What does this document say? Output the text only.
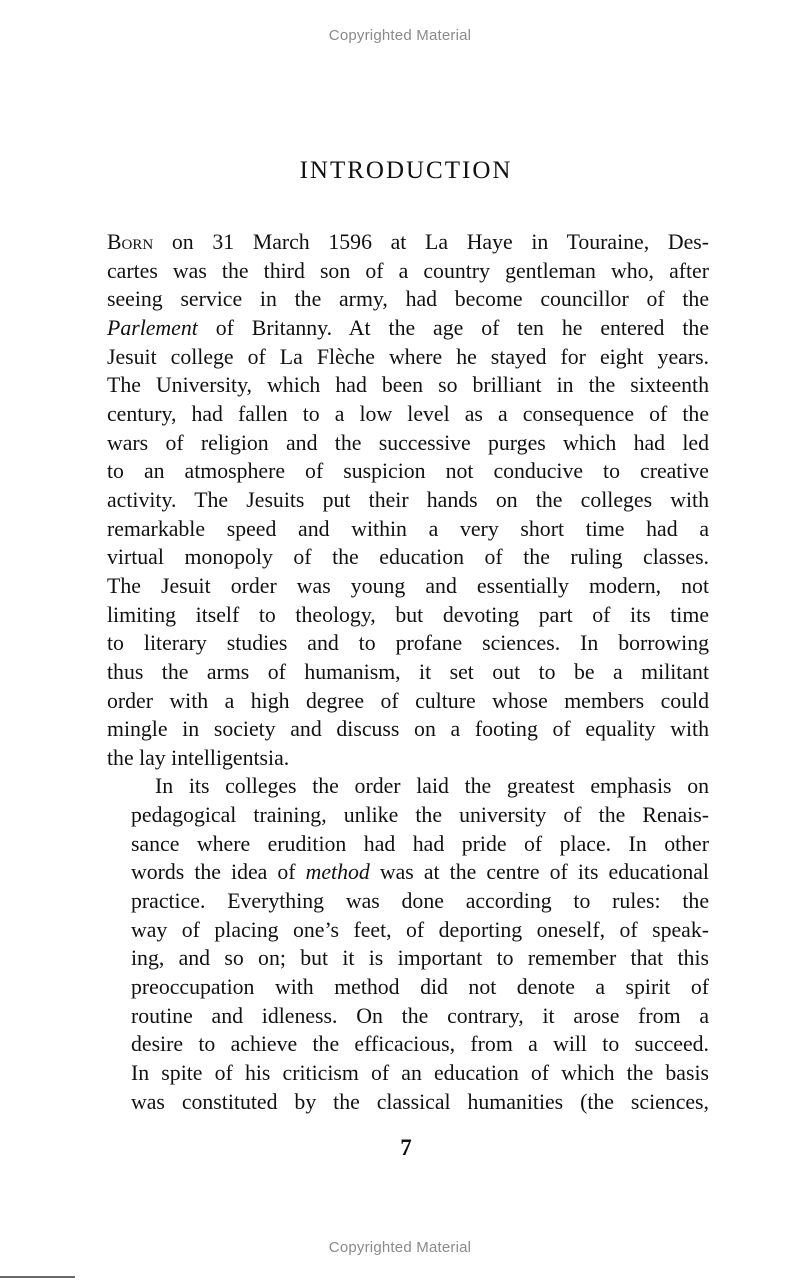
Copyrighted Material
INTRODUCTION
Born on 31 March 1596 at La Haye in Touraine, Des-
cartes was the third son of a country gentleman who, after
seeing service in the army, had become councillor of the
Parlement of Britanny. At the age of ten he entered the
Jesuit college of La Flèche where he stayed for eight years.
The University, which had been so brilliant in the sixteenth
century, had fallen to a low level as a consequence of the
wars of religion and the successive purges which had led
to an atmosphere of suspicion not conducive to creative
activity. The Jesuits put their hands on the colleges with
remarkable speed and within a very short time had a
virtual monopoly of the education of the ruling classes.
The Jesuit order was young and essentially modern, not
limiting itself to theology, but devoting part of its time
to literary studies and to profane sciences. In borrowing
thus the arms of humanism, it set out to be a militant
order with a high degree of culture whose members could
mingle in society and discuss on a footing of equality with
the lay intelligentsia.
In its colleges the order laid the greatest emphasis on
pedagogical training, unlike the university of the Renais-
sance where erudition had had pride of place. In other
words the idea of method was at the centre of its educational
practice. Everything was done according to rules: the
way of placing one’s feet, of deporting oneself, of speak-
ing, and so on; but it is important to remember that this
preoccupation with method did not denote a spirit of
routine and idleness. On the contrary, it arose from a
desire to achieve the efficacious, from a will to succeed.
In spite of his criticism of an education of which the basis
was constituted by the classical humanities (the sciences,
7
Copyrighted Material
